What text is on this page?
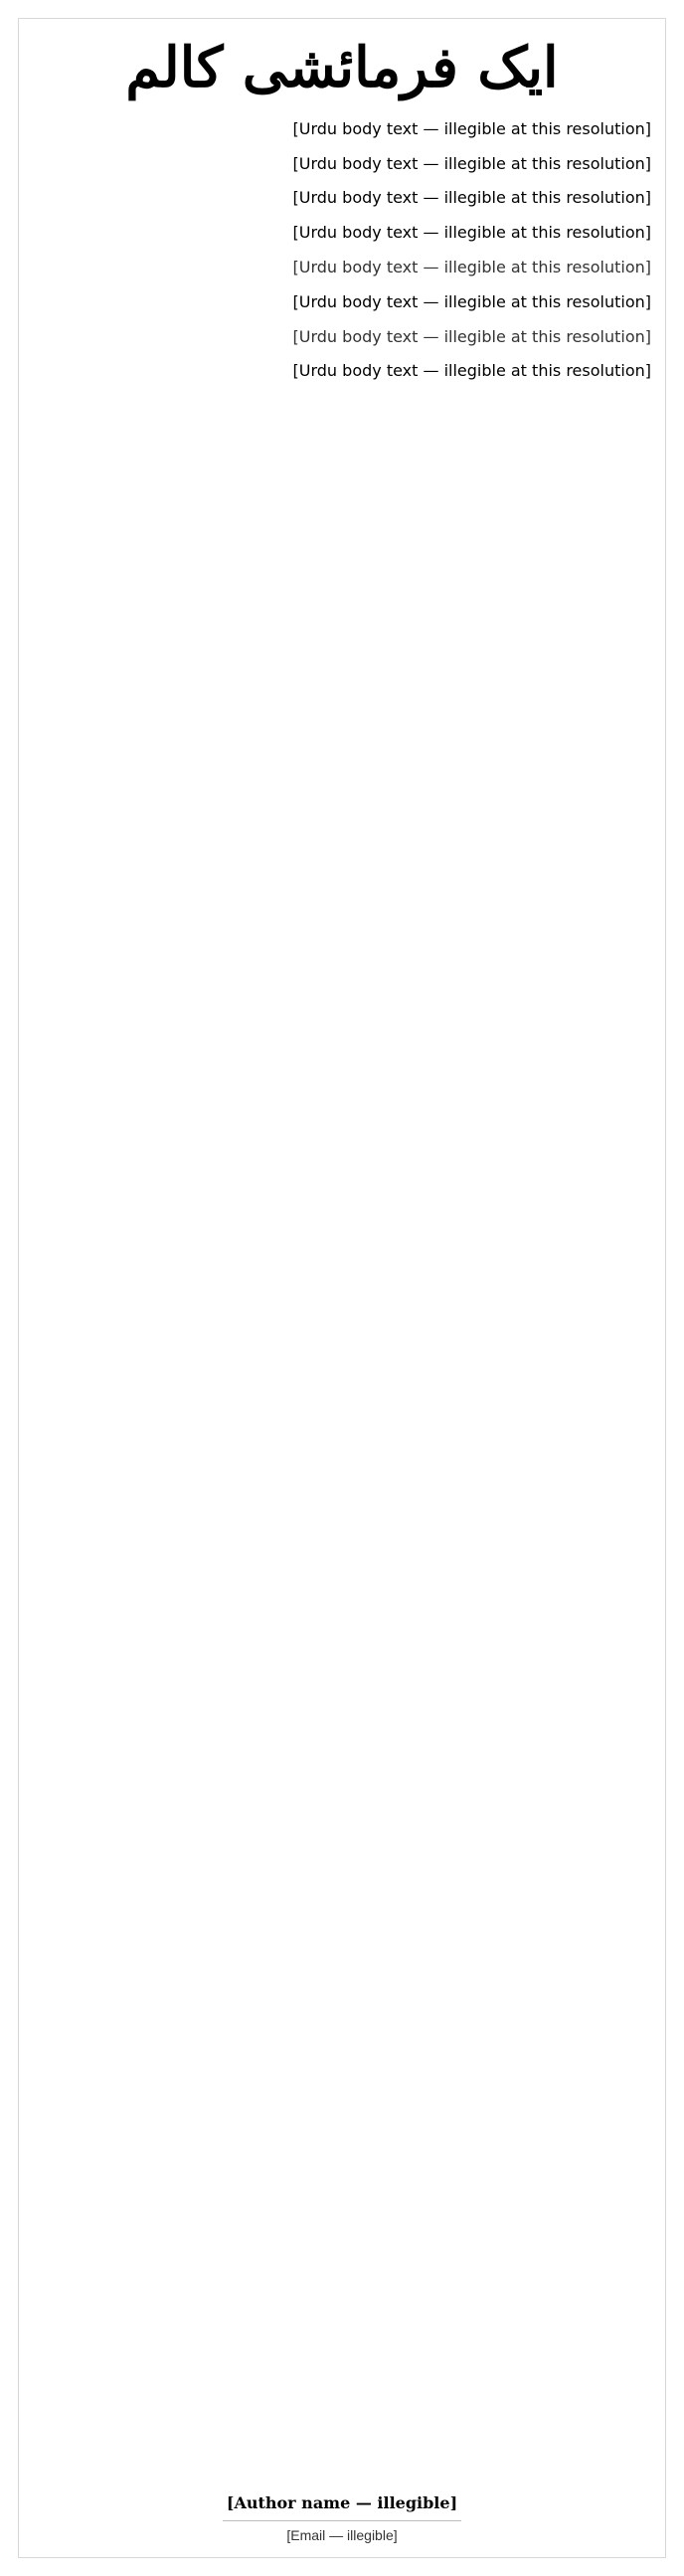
ایک فرمائشی کالم

[Urdu body text — illegible at this resolution]

[Urdu body text — illegible at this resolution]

[Urdu body text — illegible at this resolution]

[Urdu body text — illegible at this resolution]

[Urdu body text — illegible at this resolution]

[Urdu body text — illegible at this resolution]

[Urdu body text — illegible at this resolution]

[Urdu body text — illegible at this resolution]

[Author name — illegible]
[Email — illegible]
